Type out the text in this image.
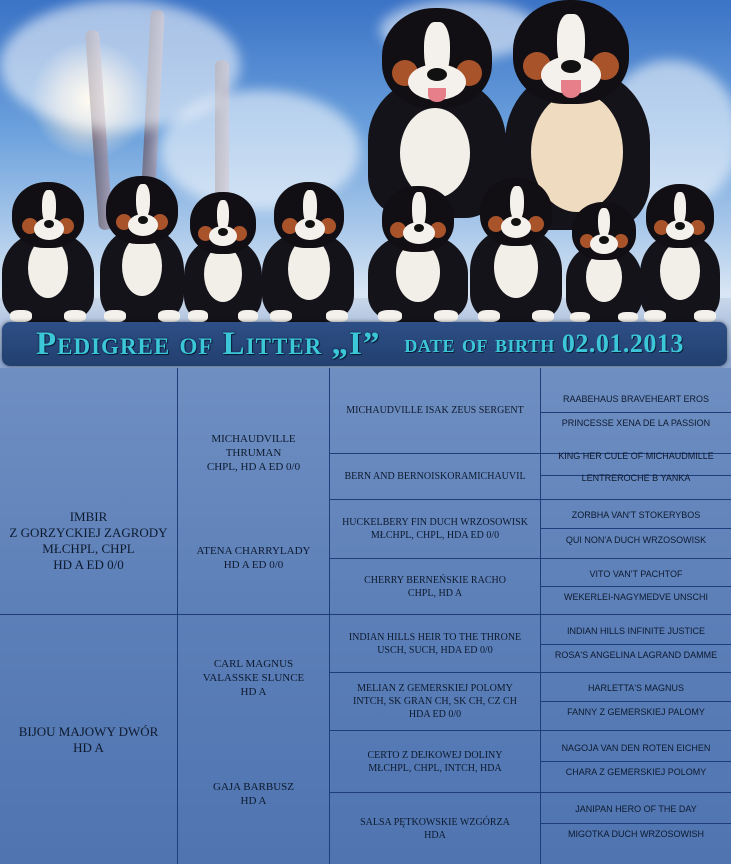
Pedigree of Litter „I” date of birth 02.01.2013
IMBIR
Z GORZYCKIEJ ZAGRODY
MŁCHPL, CHPL
HD A ED 0/0
BIJOU MAJOWY DWÓR
HD A
MICHAUDVILLE
THRUMAN
CHPL, HD A ED 0/0
ATENA CHARRYLADY
HD A ED 0/0
CARL MAGNUS
VALASSKE SLUNCE
HD A
GAJA BARBUSZ
HD A
MICHAUDVILLE ISAK ZEUS SERGENT
BERN AND BERNOISKORAMICHAUVIL
HUCKELBERY FIN DUCH WRZOSOWISK
MŁCHPL, CHPL, HDA ED 0/0
CHERRY BERNEŃSKIE RACHO
CHPL, HD A
INDIAN HILLS HEIR TO THE THRONE
USCH, SUCH, HDA ED 0/0
MELIAN Z GEMERSKIEJ POLOMY
INTCH, SK GRAN CH, SK CH, CZ CH
HDA ED 0/0
CERTO Z DEJKOWEJ DOLINY
MŁCHPL, CHPL, INTCH, HDA
SALSA PĘTKOWSKIE WZGÓRZA
HDA
RAABEHAUS BRAVEHEART EROS
PRINCESSE XENA DE LA PASSION
KING HER CULE OF MICHAUDMILLE
LENTREROCHE B YANKA
ZORBHA VAN'T STOKERYBOS
QUI NON'A DUCH WRZOSOWISK
VITO VAN'T PACHTOF
WEKERLEI-NAGYMEDVE UNSCHI
INDIAN HILLS INFINITE JUSTICE
ROSA'S ANGELINA LAGRAND DAMME
HARLETTA'S MAGNUS
FANNY Z GEMERSKIEJ PALOMY
NAGOJA VAN DEN ROTEN EICHEN
CHARA Z GEMERSKIEJ POLOMY
JANIPAN HERO OF THE DAY
MIGOTKA DUCH WRZOSOWISH
